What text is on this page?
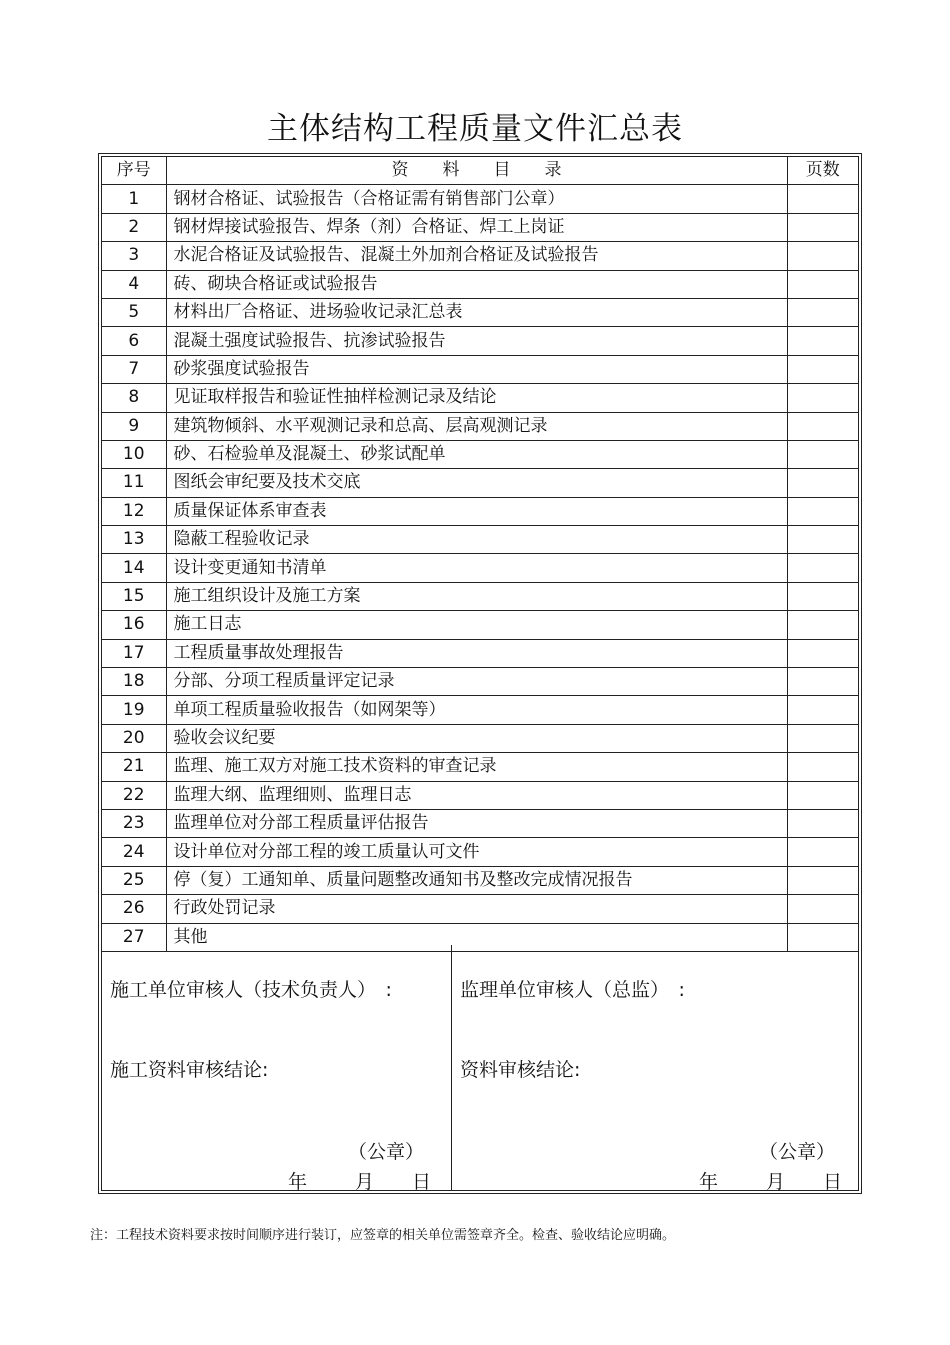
主体结构工程质量文件汇总表
序号	资　　料　　目　　录	页数
1	钢材合格证、试验报告（合格证需有销售部门公章）	
2	钢材焊接试验报告、焊条（剂）合格证、焊工上岗证	
3	水泥合格证及试验报告、混凝土外加剂合格证及试验报告	
4	砖、砌块合格证或试验报告	
5	材料出厂合格证、进场验收记录汇总表	
6	混凝土强度试验报告、抗渗试验报告	
7	砂浆强度试验报告	
8	见证取样报告和验证性抽样检测记录及结论	
9	建筑物倾斜、水平观测记录和总高、层高观测记录	
10	砂、石检验单及混凝土、砂浆试配单	
11	图纸会审纪要及技术交底	
12	质量保证体系审查表	
13	隐蔽工程验收记录	
14	设计变更通知书清单	
15	施工组织设计及施工方案	
16	施工日志	
17	工程质量事故处理报告	
18	分部、分项工程质量评定记录	
19	单项工程质量验收报告（如网架等）	
20	验收会议纪要	
21	监理、施工双方对施工技术资料的审查记录	
22	监理大纲、监理细则、监理日志	
23	监理单位对分部工程质量评估报告	
24	设计单位对分部工程的竣工质量认可文件	
25	停（复）工通知单、质量问题整改通知书及整改完成情况报告	
26	行政处罚记录	
27	其他	
施工单位审核人（技术负责人）　:
施工资料审核结论:
（公章）
年	月 日
监理单位审核人（总监）　:
资料审核结论:
（公章）
年	月 日
注：工程技术资料要求按时间顺序进行装订，应签章的相关单位需签章齐全。检查、验收结论应明确。
